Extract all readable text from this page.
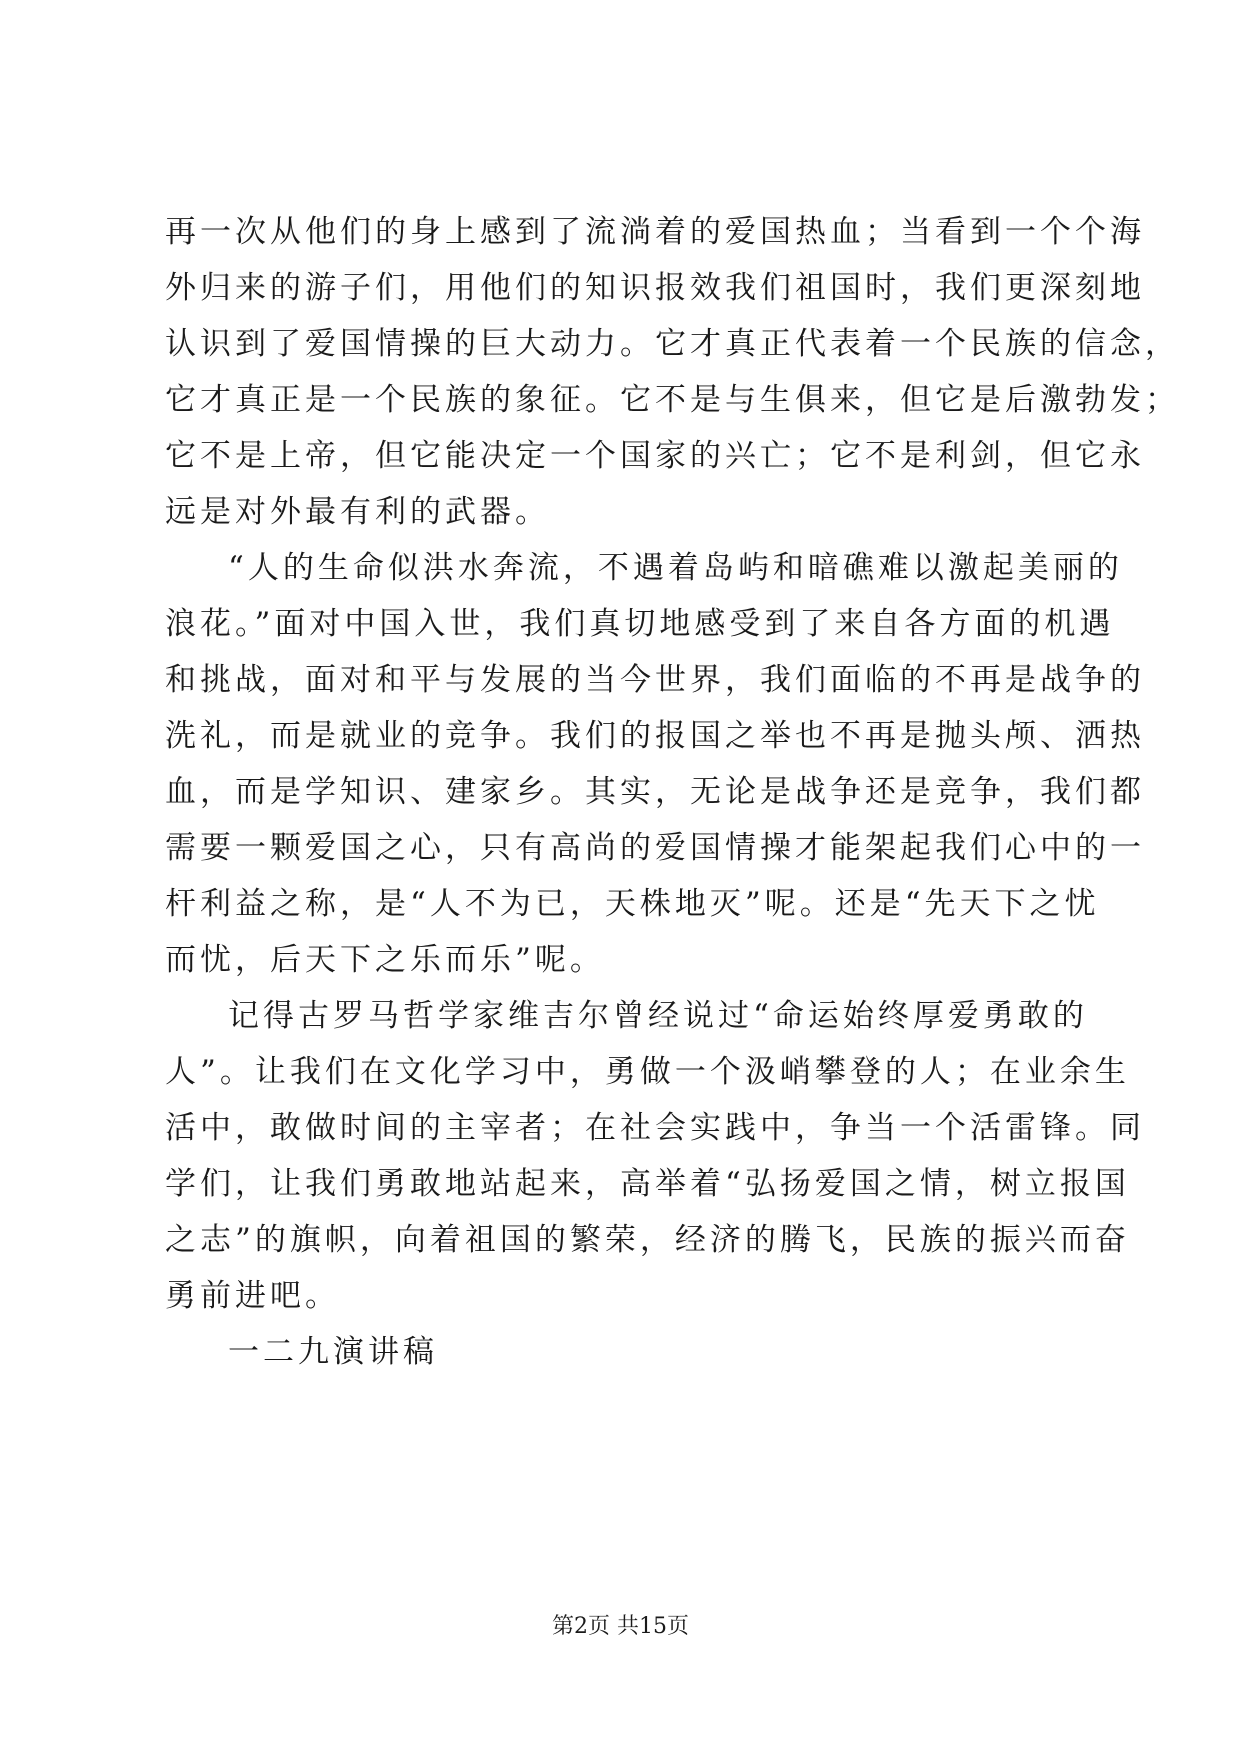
再一次从他们的身上感到了流淌着的爱国热血；当看到一个个海
外归来的游子们，用他们的知识报效我们祖国时，我们更深刻地
认识到了爱国情操的巨大动力。它才真正代表着一个民族的信念，
它才真正是一个民族的象征。它不是与生俱来，但它是后激勃发；
它不是上帝，但它能决定一个国家的兴亡；它不是利剑，但它永
远是对外最有利的武器。
“人的生命似洪水奔流，不遇着岛屿和暗礁难以激起美丽的
浪花。”面对中国入世，我们真切地感受到了来自各方面的机遇
和挑战，面对和平与发展的当今世界，我们面临的不再是战争的
洗礼，而是就业的竞争。我们的报国之举也不再是抛头颅、洒热
血，而是学知识、建家乡。其实，无论是战争还是竞争，我们都
需要一颗爱国之心，只有高尚的爱国情操才能架起我们心中的一
杆利益之称，是“人不为已，天株地灭”呢。还是“先天下之忧
而忧，后天下之乐而乐”呢。
记得古罗马哲学家维吉尔曾经说过“命运始终厚爱勇敢的
人”。让我们在文化学习中，勇做一个汲峭攀登的人；在业余生
活中，敢做时间的主宰者；在社会实践中，争当一个活雷锋。同
学们，让我们勇敢地站起来，高举着“弘扬爱国之情，树立报国
之志”的旗帜，向着祖国的繁荣，经济的腾飞，民族的振兴而奋
勇前进吧。
一二九演讲稿
第2页 共15页
